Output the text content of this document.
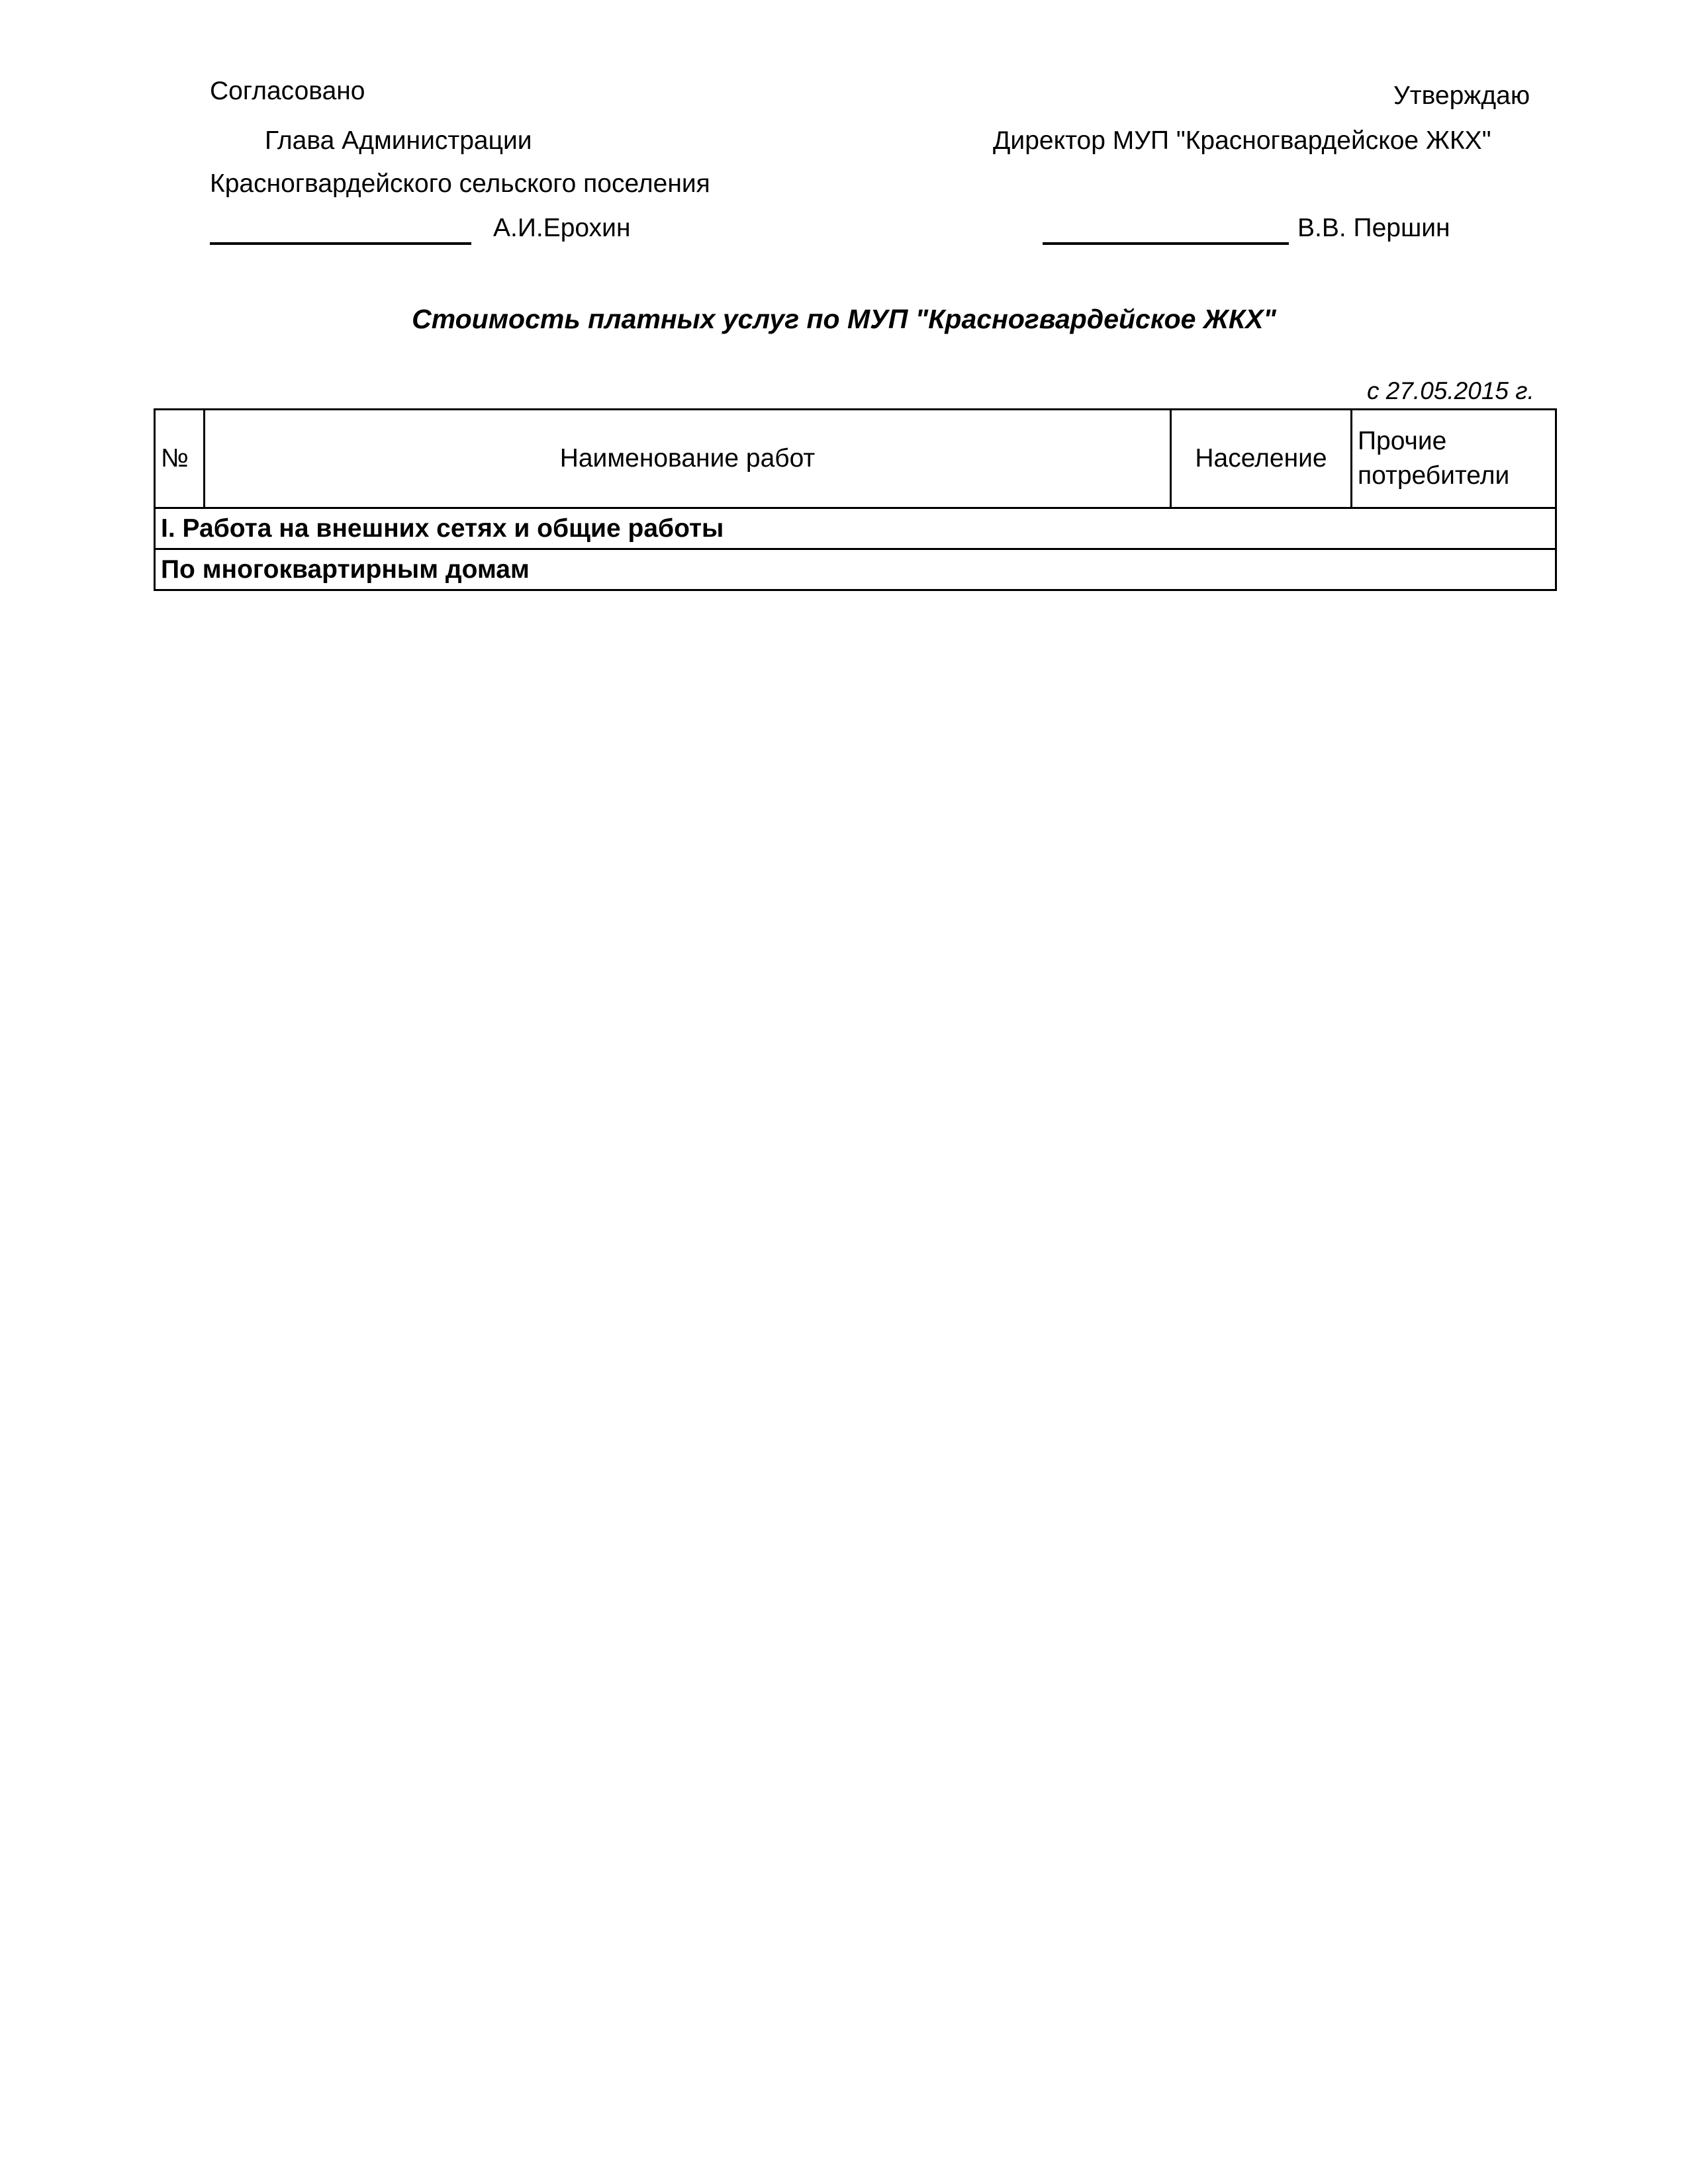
Согласовано	Утверждаю
Глава Администрации	Директор МУП "Красногвардейское ЖКХ"
Красногвардейского сельского поселения
А.И.Ерохин	В.В. Першин
Стоимость платных услуг по МУП "Красногвардейское ЖКХ"
с 27.05.2015 г.
№	Наименование работ	Население	Прочие потребители
I. Работа на внешних сетях и общие работы
По многоквартирным домам
